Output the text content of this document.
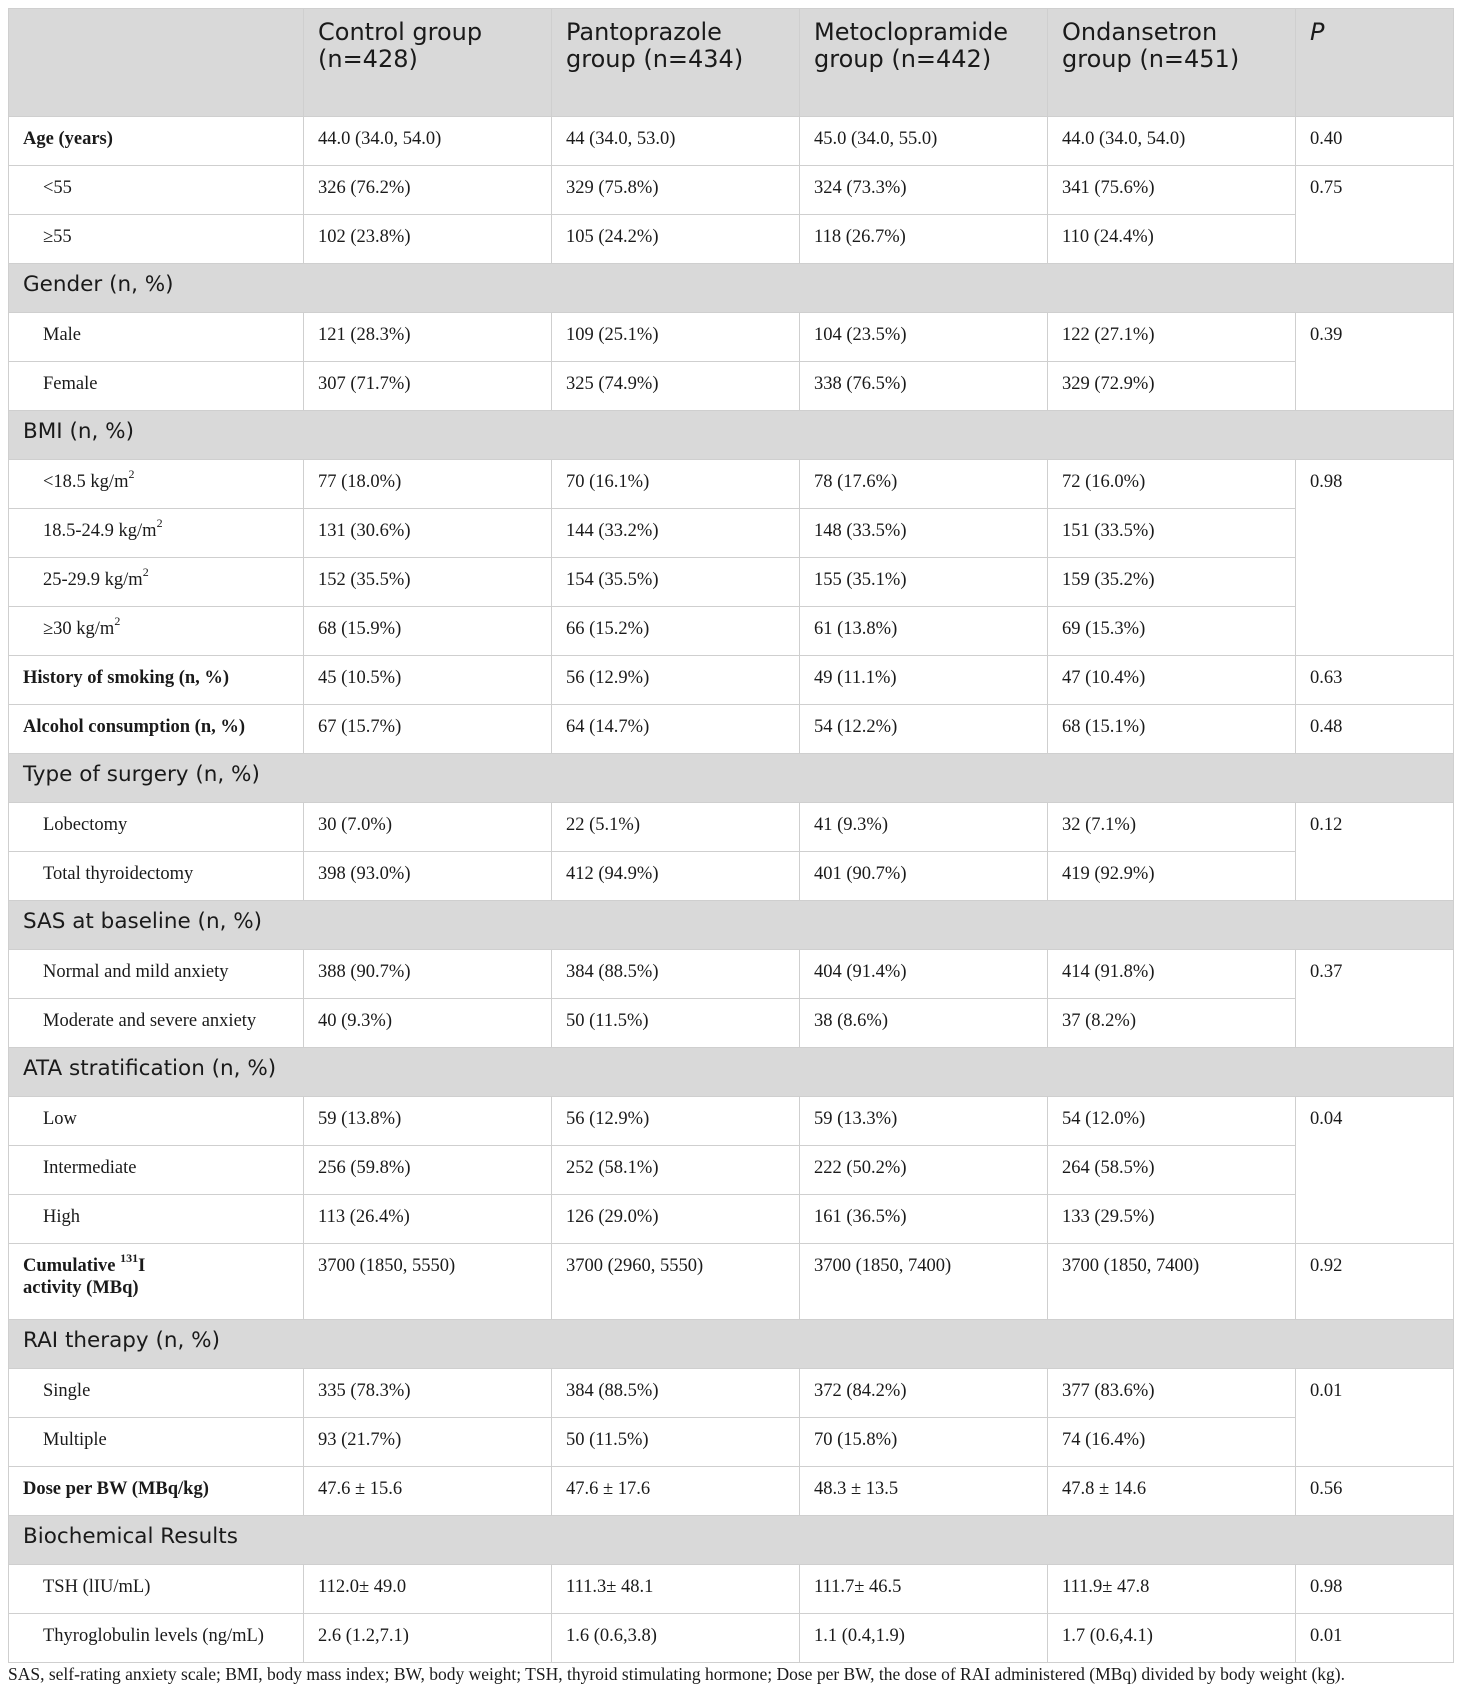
	Control group (n=428)	Pantoprazole group (n=434)	Metoclopramide group (n=442)	Ondansetron group (n=451)	P
Age (years)	44.0 (34.0, 54.0)	44 (34.0, 53.0)	45.0 (34.0, 55.0)	44.0 (34.0, 54.0)	0.40
<55	326 (76.2%)	329 (75.8%)	324 (73.3%)	341 (75.6%)	0.75
≥55	102 (23.8%)	105 (24.2%)	118 (26.7%)	110 (24.4%)	
Gender (n, %)					
Male	121 (28.3%)	109 (25.1%)	104 (23.5%)	122 (27.1%)	0.39
Female	307 (71.7%)	325 (74.9%)	338 (76.5%)	329 (72.9%)	
BMI (n, %)					
<18.5 $kg/m^2$	77 (18.0%)	70 (16.1%)	78 (17.6%)	72 (16.0%)	0.98
18.5-24.9 $kg/m^2$	131 (30.6%)	144 (33.2%)	148 (33.5%)	151 (33.5%)	
25-29.9 $kg/m^2$	152 (35.5%)	154 (35.5%)	155 (35.1%)	159 (35.2%)	
≥30 $kg/m^2$	68 (15.9%)	66 (15.2%)	61 (13.8%)	69 (15.3%)	
History of smoking (n, %)	45 (10.5%)	56 (12.9%)	49 (11.1%)	47 (10.4%)	0.63
Alcohol consumption (n, %)	67 (15.7%)	64 (14.7%)	54 (12.2%)	68 (15.1%)	0.48
Type of surgery (n, %)					
Lobectomy	30 (7.0%)	22 (5.1%)	41 (9.3%)	32 (7.1%)	0.12
Total thyroidectomy	398 (93.0%)	412 (94.9%)	401 (90.7%)	419 (92.9%)	
SAS at baseline (n, %)					
Normal and mild anxiety	388 (90.7%)	384 (88.5%)	404 (91.4%)	414 (91.8%)	0.37
Moderate and severe anxiety	40 (9.3%)	50 (11.5%)	38 (8.6%)	37 (8.2%)	
ATA stratification (n, %)					
Low	59 (13.8%)	56 (12.9%)	59 (13.3%)	54 (12.0%)	0.04
Intermediate	256 (59.8%)	252 (58.1%)	222 (50.2%)	264 (58.5%)	
High	113 (26.4%)	126 (29.0%)	161 (36.5%)	133 (29.5%)	
Cumulative $^{131}$I
activity (MBq)	3700 (1850, 5550)	3700 (2960, 5550)	3700 (1850, 7400)	3700 (1850, 7400)	0.92
RAI therapy (n, %)					
Single	335 (78.3%)	384 (88.5%)	372 (84.2%)	377 (83.6%)	0.01
Multiple	93 (21.7%)	50 (11.5%)	70 (15.8%)	74 (16.4%)	
Dose per BW (MBq/kg)	47.6 ± 15.6	47.6 ± 17.6	48.3 ± 13.5	47.8 ± 14.6	0.56
Biochemical Results					
TSH (lIU/mL)	112.0± 49.0	111.3± 48.1	111.7± 46.5	111.9± 47.8	0.98
Thyroglobulin levels (ng/mL)	2.6 (1.2,7.1)	1.6 (0.6,3.8)	1.1 (0.4,1.9)	1.7 (0.6,4.1)	0.01
SAS, self-rating anxiety scale; BMI, body mass index; BW, body weight; TSH, thyroid stimulating hormone; Dose per BW, the dose of RAI administered (MBq) divided by body weight (kg).
